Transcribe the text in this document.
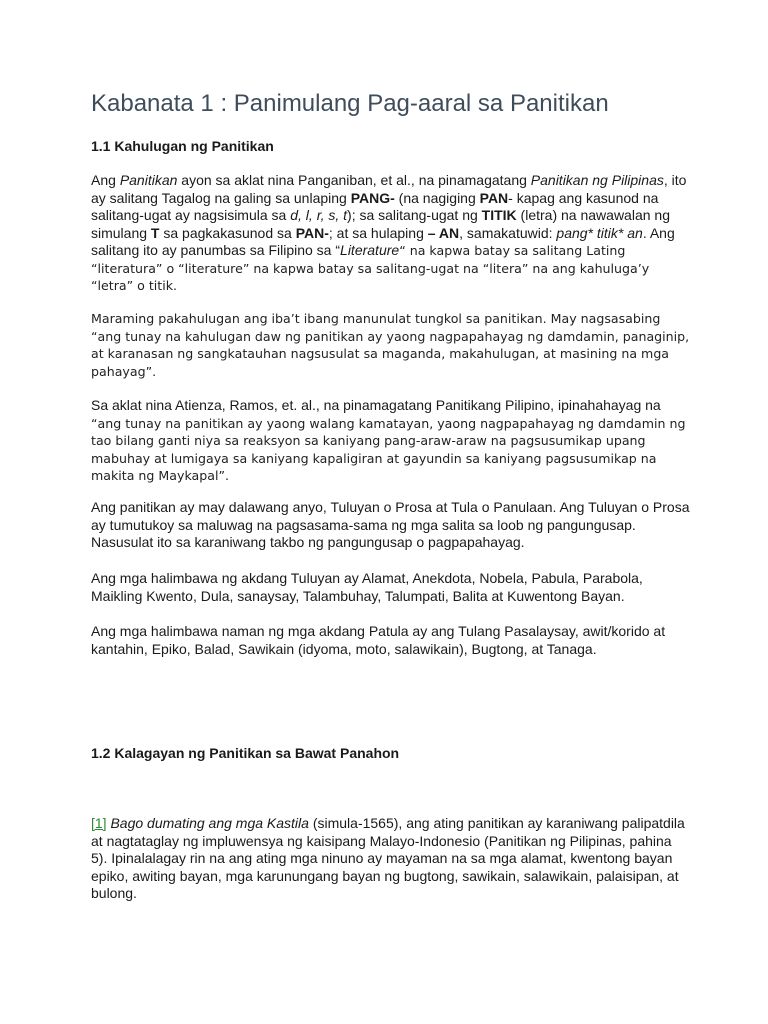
Kabanata 1 : Panimulang Pag-aaral sa Panitikan
1.1 Kahulugan ng Panitikan

Ang Panitikan ayon sa aklat nina Panganiban, et al., na pinamagatang Panitikan ng Pilipinas, ito ay salitang Tagalog na galing sa unlaping PANG- (na nagiging PAN- kapag ang kasunod na salitang-ugat ay nagsisimula sa d, l, r, s, t); sa salitang-ugat ng TITIK (letra) na nawawalan ng simulang T sa pagkakasunod sa PAN-; at sa hulaping – AN, samakatuwid: pang* titik* an. Ang salitang ito ay panumbas sa Filipino sa “Literature“ na kapwa batay sa salitang Lating “literatura” o “literature” na kapwa batay sa salitang-ugat na “litera” na ang kahuluga’y “letra” o titik.

Maraming pakahulugan ang iba’t ibang manunulat tungkol sa panitikan. May nagsasabing “ang tunay na kahulugan daw ng panitikan ay yaong nagpapahayag ng damdamin, panaginip, at karanasan ng sangkatauhan nagsusulat sa maganda, makahulugan, at masining na mga pahayag”.

Sa aklat nina Atienza, Ramos, et. al., na pinamagatang Panitikang Pilipino, ipinahahayag na “ang tunay na panitikan ay yaong walang kamatayan, yaong nagpapahayag ng damdamin ng tao bilang ganti niya sa reaksyon sa kaniyang pang-araw-araw na pagsusumikap upang mabuhay at lumigaya sa kaniyang kapaligiran at gayundin sa kaniyang pagsusumikap na makita ng Maykapal”.

Ang panitikan ay may dalawang anyo, Tuluyan o Prosa at Tula o Panulaan. Ang Tuluyan o Prosa ay tumutukoy sa maluwag na pagsasama-sama ng mga salita sa loob ng pangungusap. Nasusulat ito sa karaniwang takbo ng pangungusap o pagpapahayag.

Ang mga halimbawa ng akdang Tuluyan ay Alamat, Anekdota, Nobela, Pabula, Parabola, Maikling Kwento, Dula, sanaysay, Talambuhay, Talumpati, Balita at Kuwentong Bayan.

Ang mga halimbawa naman ng mga akdang Patula ay ang Tulang Pasalaysay, awit/korido at kantahin, Epiko, Balad, Sawikain (idyoma, moto, salawikain), Bugtong, at Tanaga.

1.2 Kalagayan ng Panitikan sa Bawat Panahon

[1] Bago dumating ang mga Kastila (simula-1565), ang ating panitikan ay karaniwang palipatdila at nagtataglay ng impluwensya ng kaisipang Malayo-Indonesio (Panitikan ng Pilipinas, pahina 5). Ipinalalagay rin na ang ating mga ninuno ay mayaman na sa mga alamat, kwentong bayan epiko, awiting bayan, mga karunungang bayan ng bugtong, sawikain, salawikain, palaisipan, at bulong.
